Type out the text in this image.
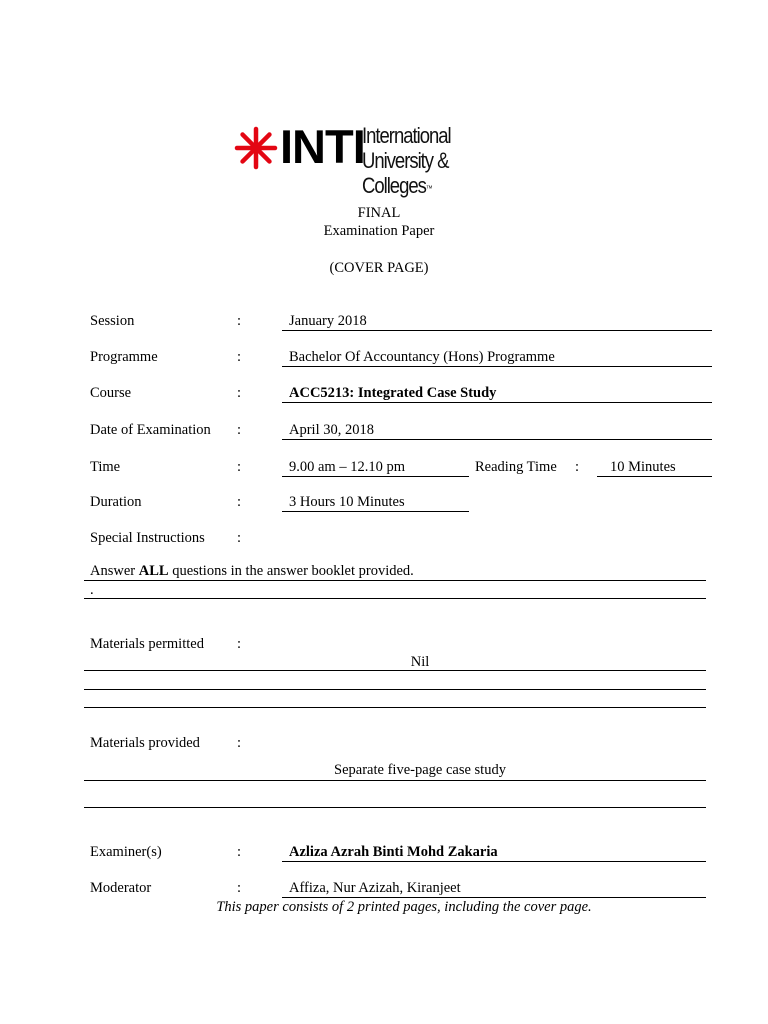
INTI
International
University & Colleges™
FINAL
Examination Paper
(COVER PAGE)
Session	:	January 2018
Programme	:	Bachelor Of Accountancy (Hons) Programme
Course	:	ACC5213: Integrated Case Study
Date of Examination :	April 30, 2018
Time	:	9.00 am – 12.10 pm	Reading Time : 10 Minutes
Duration	:	3 Hours 10 Minutes
Special Instructions :
Answer ALL questions in the answer booklet provided.
.
Materials permitted :
Nil
Materials provided	:
Separate five-page case study
Examiner(s)	:	Azliza Azrah Binti Mohd Zakaria
Moderator	:	Affiza, Nur Azizah, Kiranjeet
This paper consists of 2 printed pages, including the cover page.
